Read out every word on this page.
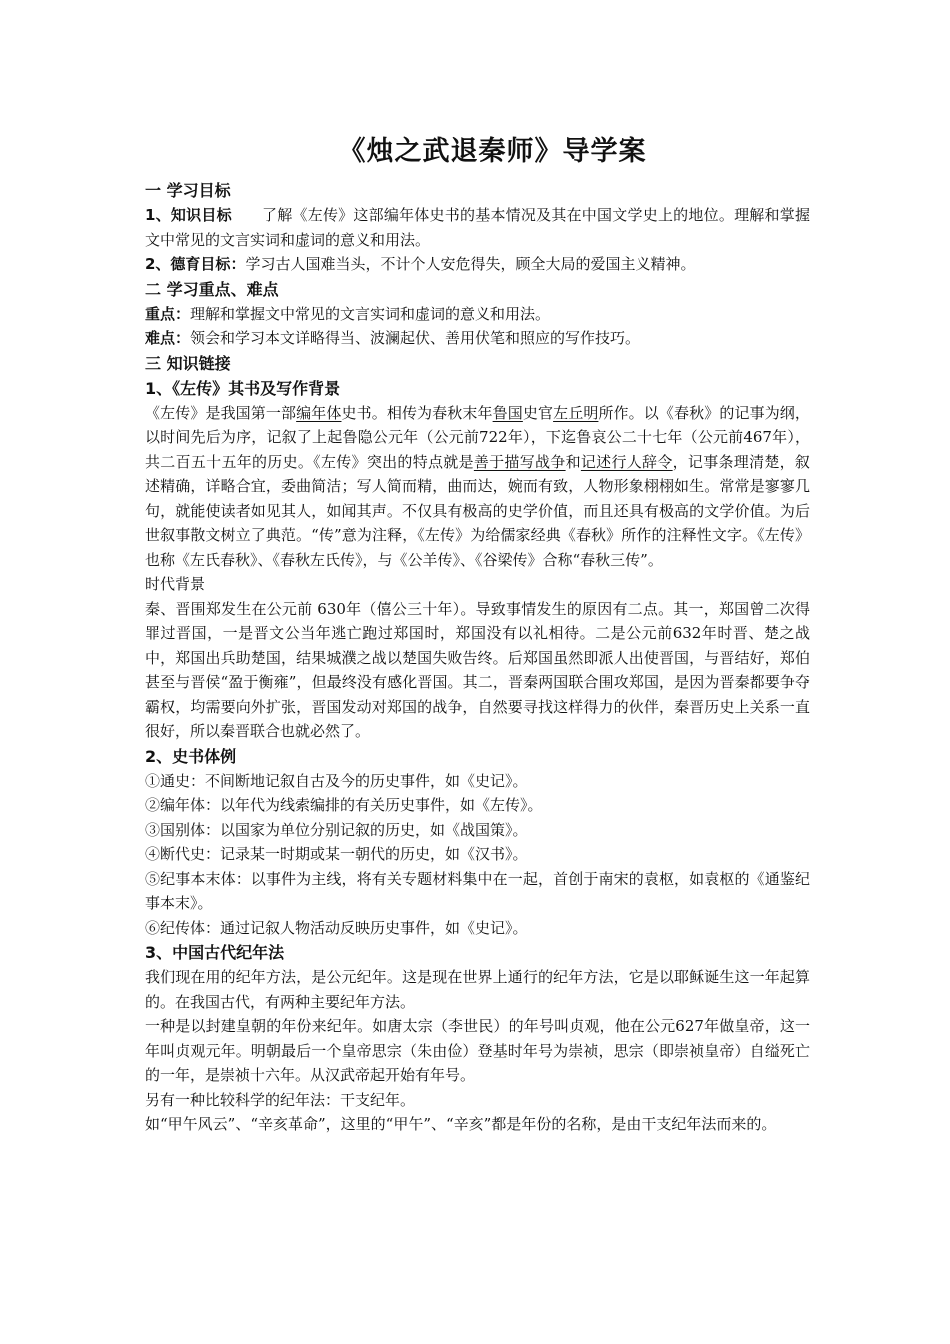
《烛之武退秦师》导学案
一 学习目标

1、知识目标 了解《左传》这部编年体史书的基本情况及其在中国文学史上的地位。理解和掌握文中常见的文言实词和虚词的意义和用法。

2、德育目标：学习古人国难当头，不计个人安危得失，顾全大局的爱国主义精神。

二 学习重点、难点

重点：理解和掌握文中常见的文言实词和虚词的意义和用法。

难点：领会和学习本文详略得当、波澜起伏、善用伏笔和照应的写作技巧。

三 知识链接
1、《左传》其书及写作背景

《左传》是我国第一部编年体史书。相传为春秋末年鲁国史官左丘明所作。以《春秋》的记事为纲，以时间先后为序，记叙了上起鲁隐公元年（公元前722年），下迄鲁哀公二十七年（公元前467年），共二百五十五年的历史。《左传》突出的特点就是善于描写战争和记述行人辞令，记事条理清楚，叙述精确，详略合宜，委曲简洁；写人简而精，曲而达，婉而有致，人物形象栩栩如生。常常是寥寥几句，就能使读者如见其人，如闻其声。不仅具有极高的史学价值，而且还具有极高的文学价值。为后世叙事散文树立了典范。“传”意为注释，《左传》为给儒家经典《春秋》所作的注释性文字。《左传》也称《左氏春秋》、《春秋左氏传》，与《公羊传》、《谷梁传》合称“春秋三传”。

时代背景

秦、晋围郑发生在公元前 630年（僖公三十年）。导致事情发生的原因有二点。其一，郑国曾二次得罪过晋国，一是晋文公当年逃亡跑过郑国时，郑国没有以礼相待。二是公元前632年时晋、楚之战中，郑国出兵助楚国，结果城濮之战以楚国失败告终。后郑国虽然即派人出使晋国，与晋结好，郑伯甚至与晋侯“盈于衡雍”，但最终没有感化晋国。其二，晋秦两国联合围攻郑国，是因为晋秦都要争夺霸权，均需要向外扩张，晋国发动对郑国的战争，自然要寻找这样得力的伙伴，秦晋历史上关系一直很好，所以秦晋联合也就必然了。

2、史书体例

①通史：不间断地记叙自古及今的历史事件，如《史记》。

②编年体：以年代为线索编排的有关历史事件，如《左传》。

③国别体：以国家为单位分别记叙的历史，如《战国策》。

④断代史：记录某一时期或某一朝代的历史，如《汉书》。

⑤纪事本末体：以事件为主线，将有关专题材料集中在一起，首创于南宋的袁枢，如袁枢的《通鉴纪事本末》。

⑥纪传体：通过记叙人物活动反映历史事件，如《史记》。

3、中国古代纪年法

我们现在用的纪年方法，是公元纪年。这是现在世界上通行的纪年方法，它是以耶稣诞生这一年起算的。在我国古代，有两种主要纪年方法。

一种是以封建皇朝的年份来纪年。如唐太宗（李世民）的年号叫贞观，他在公元627年做皇帝，这一年叫贞观元年。明朝最后一个皇帝思宗（朱由俭）登基时年号为崇祯，思宗（即崇祯皇帝）自缢死亡的一年，是崇祯十六年。从汉武帝起开始有年号。

另有一种比较科学的纪年法：干支纪年。

如“甲午风云”、“辛亥革命”，这里的“甲午”、“辛亥”都是年份的名称，是由干支纪年法而来的。
